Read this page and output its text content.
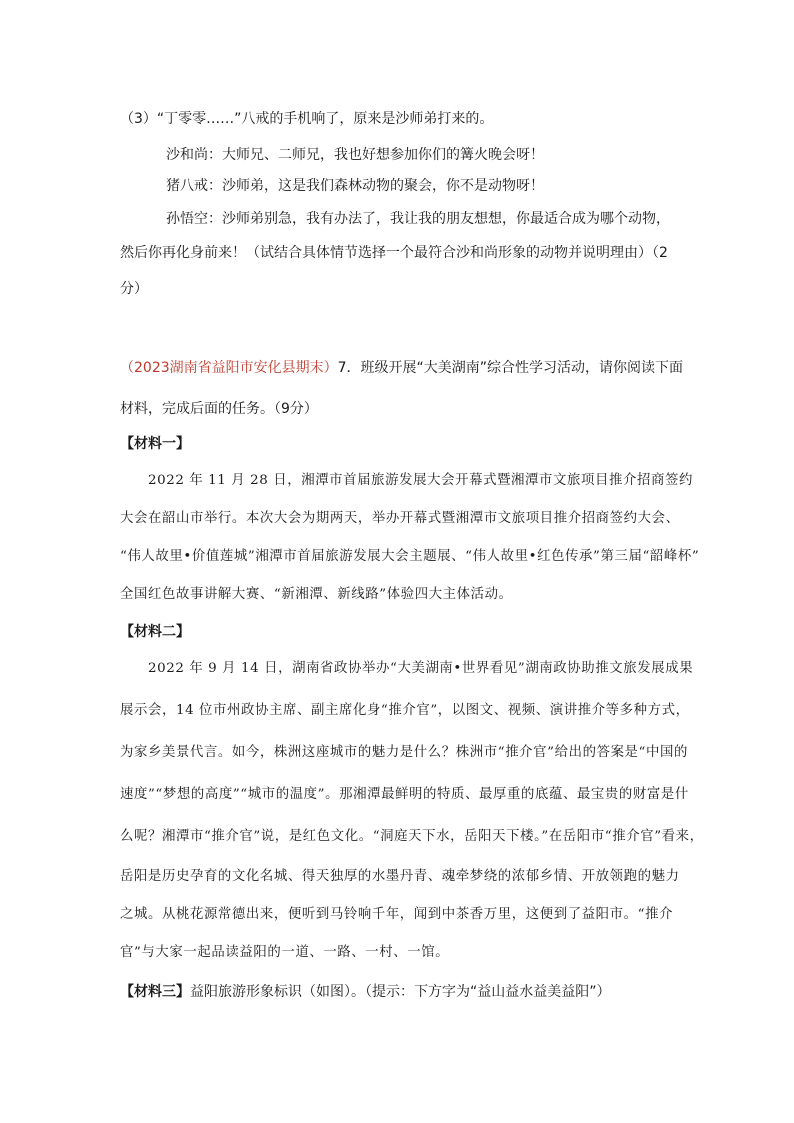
（3）“丁零零……”八戒的手机响了，原来是沙师弟打来的。
沙和尚：大师兄、二师兄，我也好想参加你们的篝火晚会呀！
猪八戒：沙师弟，这是我们森林动物的聚会，你不是动物呀！
孙悟空：沙师弟别急，我有办法了，我让我的朋友想想，你最适合成为哪个动物，
然后你再化身前来！（试结合具体情节选择一个最符合沙和尚形象的动物并说明理由）（2
分）
（2023湖南省益阳市安化县期末）7．班级开展“大美湖南”综合性学习活动，请你阅读下面
材料，完成后面的任务。（9分）
【材料一】
2022 年 11 月 28 日，湘潭市首届旅游发展大会开幕式暨湘潭市文旅项目推介招商签约
大会在韶山市举行。本次大会为期两天，举办开幕式暨湘潭市文旅项目推介招商签约大会、
“伟人故里•价值莲城”湘潭市首届旅游发展大会主题展、“伟人故里•红色传承”第三届“韶峰杯”
全国红色故事讲解大赛、“新湘潭、新线路”体验四大主体活动。
【材料二】
2022 年 9 月 14 日，湖南省政协举办“大美湖南•世界看见”湖南政协助推文旅发展成果
展示会，14 位市州政协主席、副主席化身“推介官”，以图文、视频、演讲推介等多种方式，
为家乡美景代言。如今，株洲这座城市的魅力是什么？株洲市“推介官”给出的答案是“中国的
速度”“梦想的高度”“城市的温度”。那湘潭最鲜明的特质、最厚重的底蕴、最宝贵的财富是什
么呢？湘潭市“推介官”说，是红色文化。“洞庭天下水，岳阳天下楼。”在岳阳市“推介官”看来，
岳阳是历史孕育的文化名城、得天独厚的水墨丹青、魂牵梦绕的浓郁乡情、开放领跑的魅力
之城。从桃花源常德出来，便听到马铃响千年，闻到中茶香万里，这便到了益阳市。“推介
官”与大家一起品读益阳的一道、一路、一村、一馆。
【材料三】益阳旅游形象标识（如图）。（提示：下方字为“益山益水益美益阳”）
